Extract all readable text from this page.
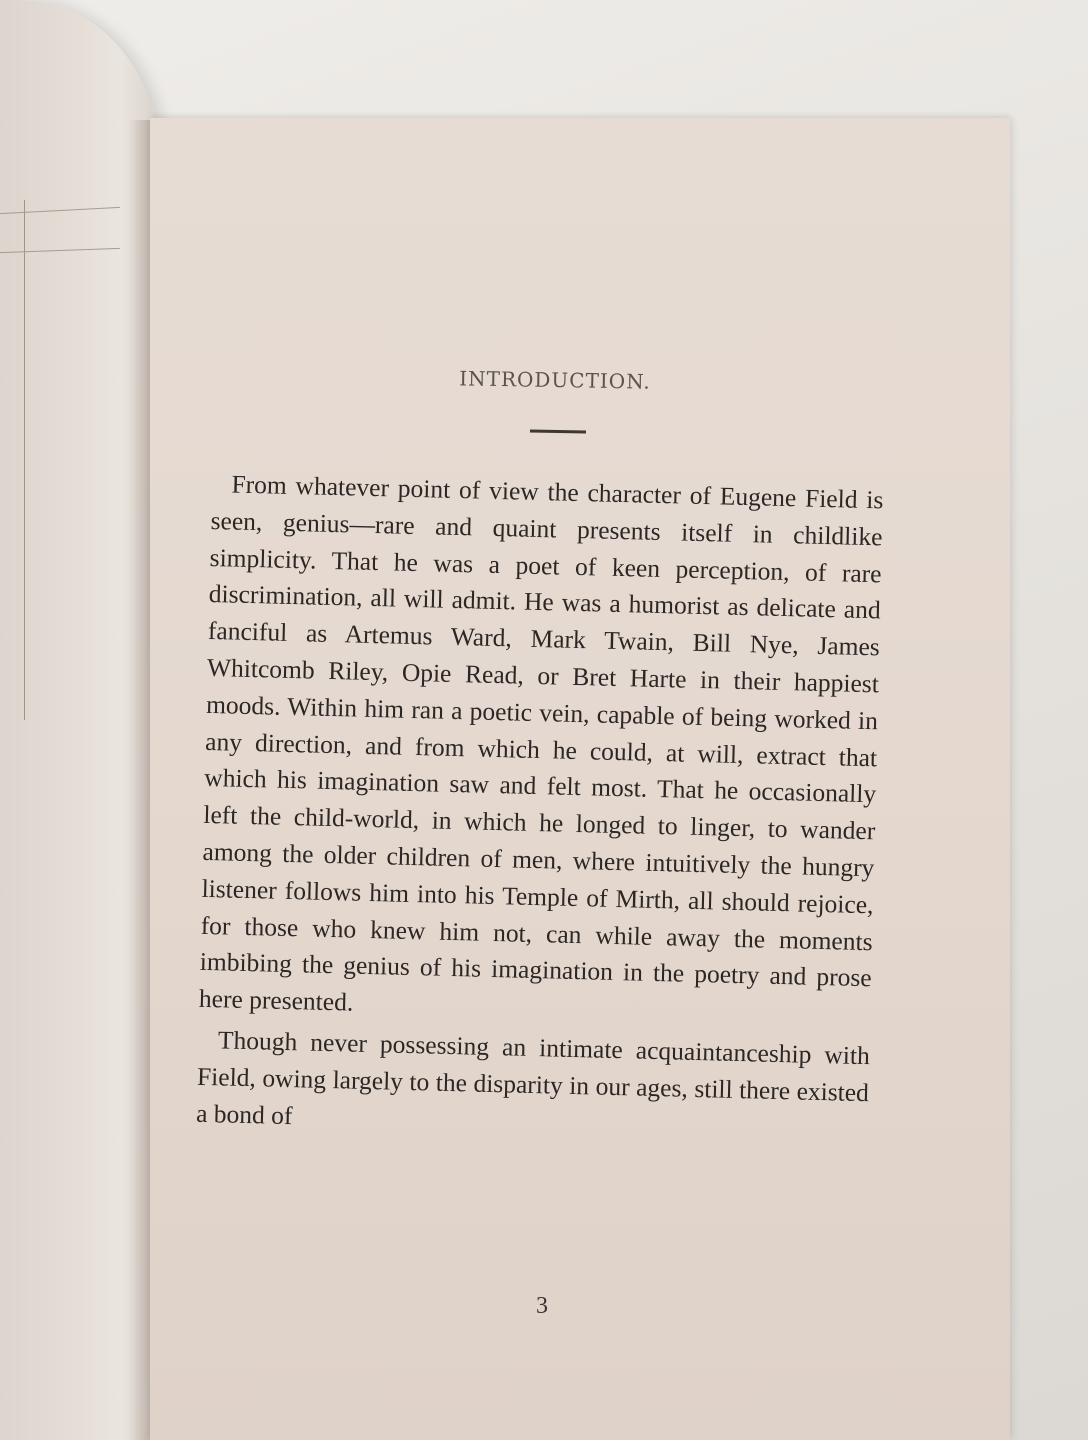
INTRODUCTION.

From whatever point of view the character of Eugene Field is seen, genius—rare and quaint presents itself in childlike simplicity. That he was a poet of keen perception, of rare discrimination, all will admit. He was a humorist as delicate and fanciful as Artemus Ward, Mark Twain, Bill Nye, James Whitcomb Riley, Opie Read, or Bret Harte in their happiest moods. Within him ran a poetic vein, capable of being worked in any direction, and from which he could, at will, extract that which his imagination saw and felt most. That he occasionally left the child-world, in which he longed to linger, to wander among the older children of men, where intuitively the hungry listener follows him into his Temple of Mirth, all should rejoice, for those who knew him not, can while away the moments imbibing the genius of his imagination in the poetry and prose here presented.

Though never possessing an intimate acquaintanceship with Field, owing largely to the disparity in our ages, still there existed a bond of

3
